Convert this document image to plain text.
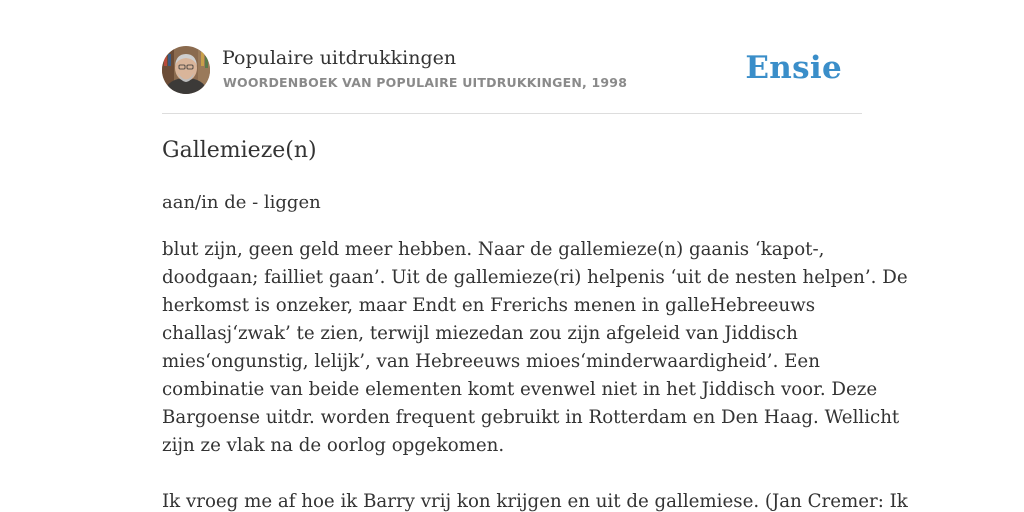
Populaire uitdrukkingen
WOORDENBOEK VAN POPULAIRE UITDRUKKINGEN, 1998	Ensie
Gallemieze(n)
aan/in de - liggen
blut zijn, geen geld meer hebben. Naar de gallemieze(n) gaanis ‘kapot-,
doodgaan; failliet gaan’. Uit de gallemieze(ri) helpenis ‘uit de nesten helpen’. De
herkomst is onzeker, maar Endt en Frerichs menen in galleHebreeuws
challasj‘zwak’ te zien, terwijl miezedan zou zijn afgeleid van Jiddisch
mies‘ongunstig, lelijk’, van Hebreeuws mioes‘minderwaardigheid’. Een
combinatie van beide elementen komt evenwel niet in het Jiddisch voor. Deze
Bargoense uitdr. worden frequent gebruikt in Rotterdam en Den Haag. Wellicht
zijn ze vlak na de oorlog opgekomen.
Ik vroeg me af hoe ik Barry vrij kon krijgen en uit de gallemiese. (Jan Cremer: Ik
